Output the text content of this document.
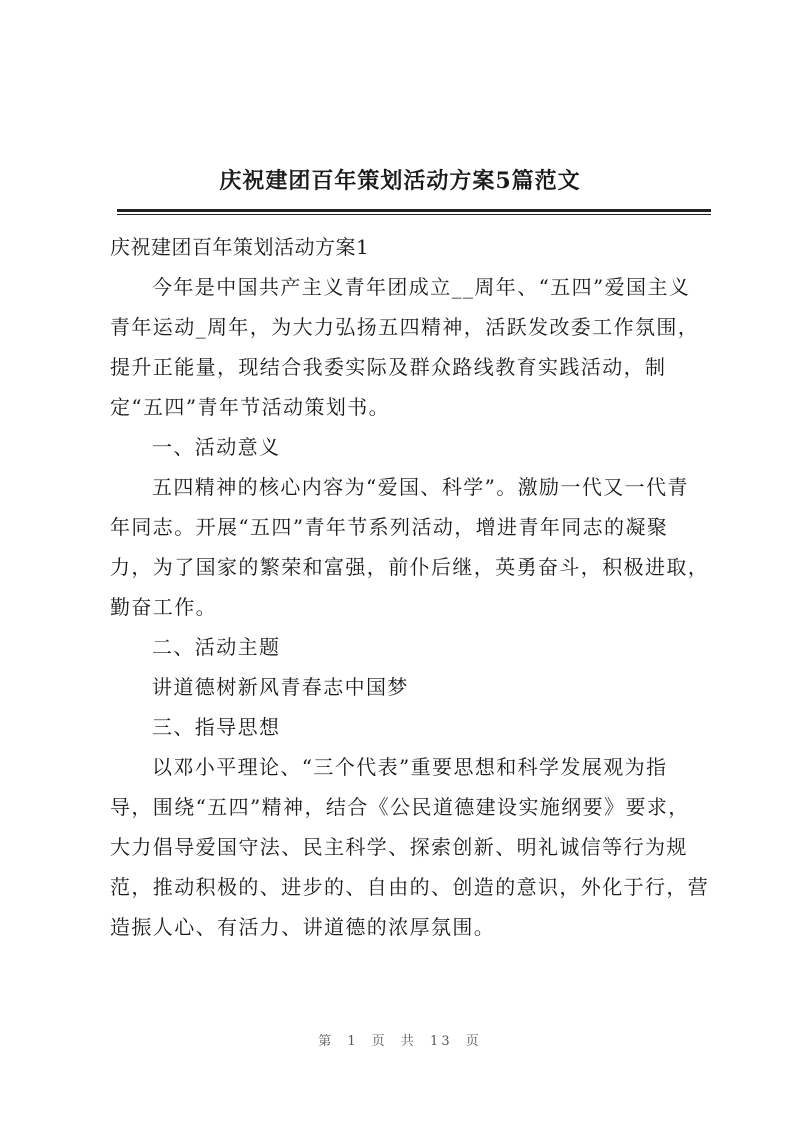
庆祝建团百年策划活动方案5篇范文

庆祝建团百年策划活动方案1

今年是中国共产主义青年团成立__周年、“五四”爱国主义青年运动_周年，为大力弘扬五四精神，活跃发改委工作氛围，提升正能量，现结合我委实际及群众路线教育实践活动，制定“五四”青年节活动策划书。

一、活动意义

五四精神的核心内容为“爱国、科学”。激励一代又一代青年同志。开展“五四”青年节系列活动，增进青年同志的凝聚力，为了国家的繁荣和富强，前仆后继，英勇奋斗，积极进取，勤奋工作。

二、活动主题

讲道德树新风青春志中国梦

三、指导思想

以邓小平理论、“三个代表”重要思想和科学发展观为指导，围绕“五四”精神，结合《公民道德建设实施纲要》要求，大力倡导爱国守法、民主科学、探索创新、明礼诚信等行为规范，推动积极的、进步的、自由的、创造的意识，外化于行，营造振人心、有活力、讲道德的浓厚氛围。

第 1 页 共 13 页
